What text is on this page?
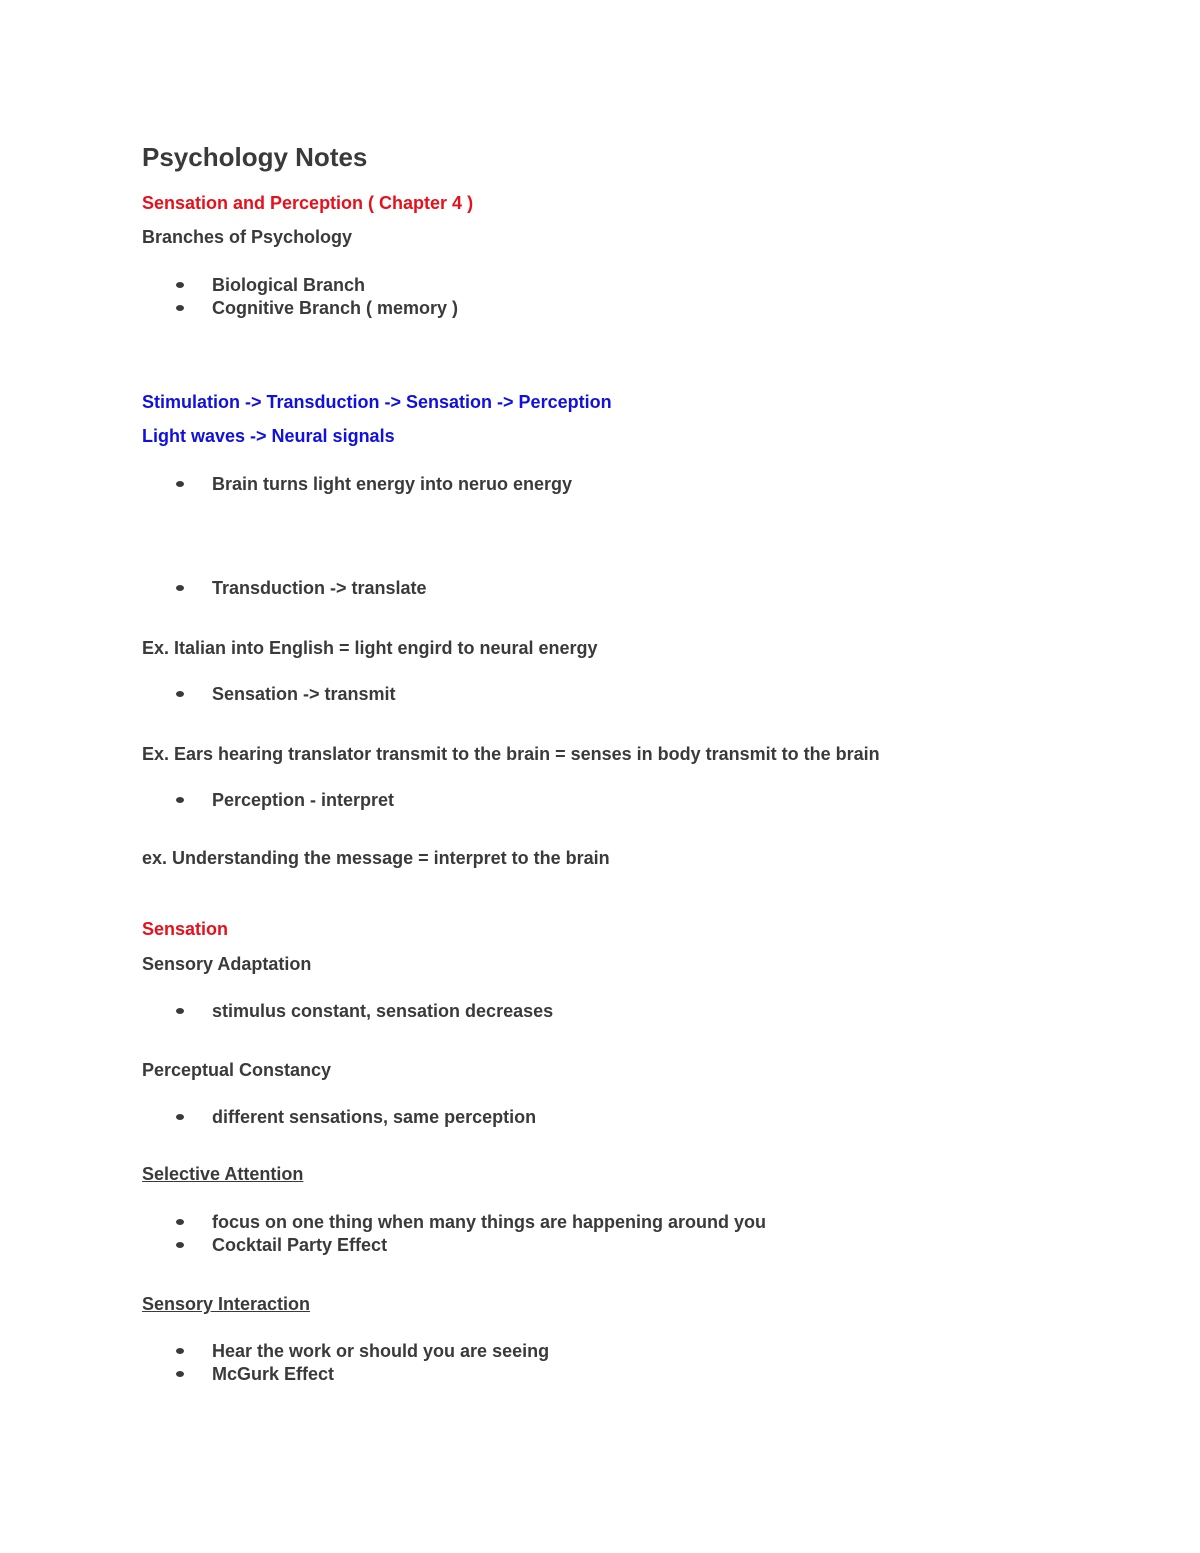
Psychology Notes
Sensation and Perception ( Chapter 4 )
Branches of Psychology
Biological Branch
Cognitive Branch ( memory )
Stimulation -> Transduction -> Sensation -> Perception
Light waves -> Neural signals
Brain turns light energy into neruo energy
Transduction -> translate
Ex. Italian into English = light engird to neural energy
Sensation -> transmit
Ex. Ears hearing translator transmit to the brain = senses in body transmit to the brain
Perception - interpret
ex. Understanding the message = interpret to the brain
Sensation
Sensory Adaptation
stimulus constant, sensation decreases
Perceptual Constancy
different sensations, same perception
Selective Attention
focus on one thing when many things are happening around you
Cocktail Party Effect
Sensory Interaction
Hear the work or should you are seeing
McGurk Effect
